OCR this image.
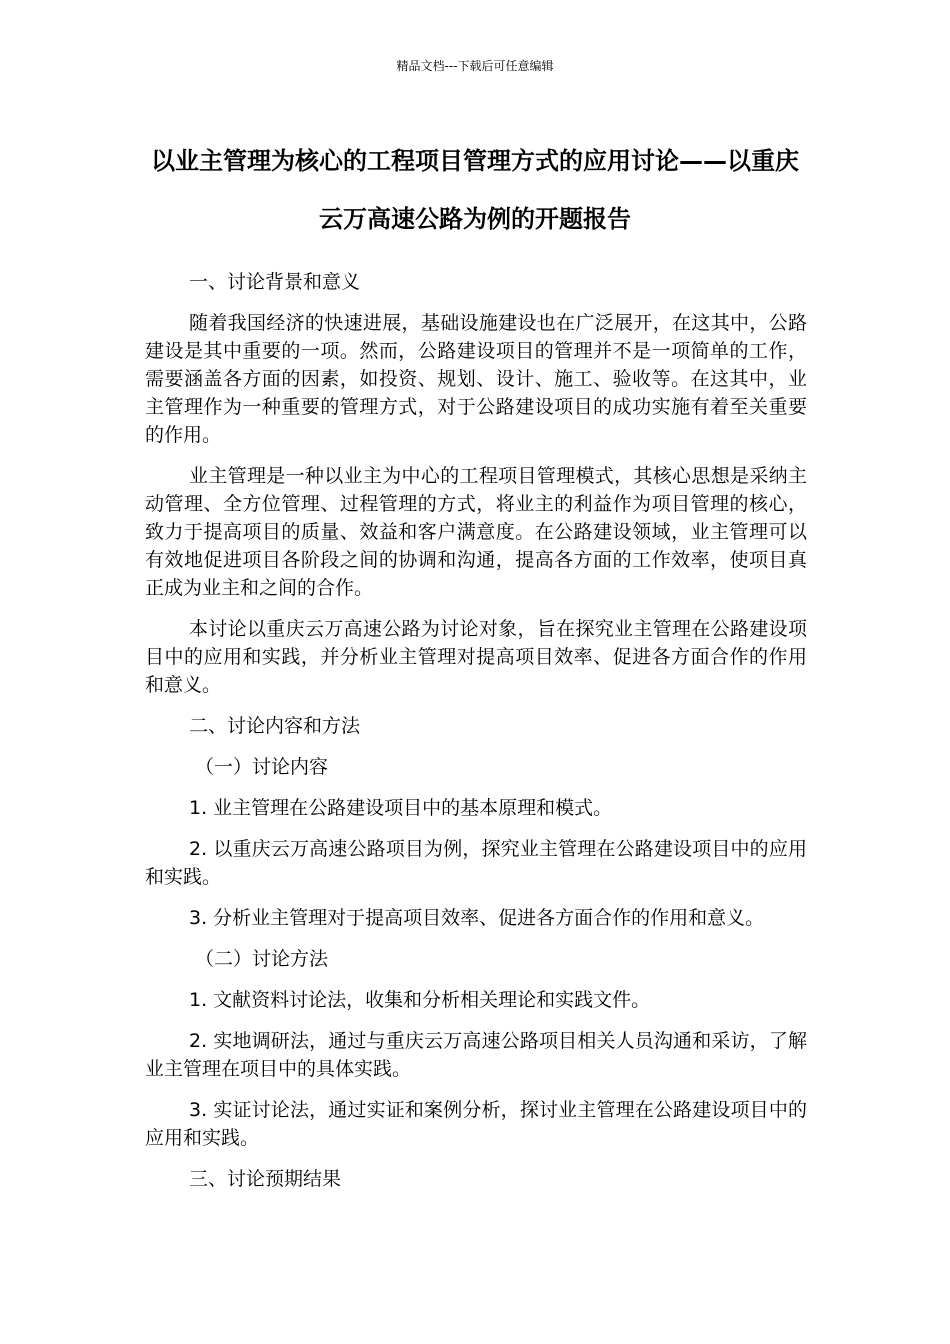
精品文档---下载后可任意编辑
以业主管理为核心的工程项目管理方式的应用讨论——以重庆云万高速公路为例的开题报告

一、讨论背景和意义

随着我国经济的快速进展，基础设施建设也在广泛展开，在这其中，公路建设是其中重要的一项。然而，公路建设项目的管理并不是一项简单的工作，需要涵盖各方面的因素，如投资、规划、设计、施工、验收等。在这其中，业主管理作为一种重要的管理方式，对于公路建设项目的成功实施有着至关重要的作用。

业主管理是一种以业主为中心的工程项目管理模式，其核心思想是采纳主动管理、全方位管理、过程管理的方式，将业主的利益作为项目管理的核心，致力于提高项目的质量、效益和客户满意度。在公路建设领域，业主管理可以有效地促进项目各阶段之间的协调和沟通，提高各方面的工作效率，使项目真正成为业主和之间的合作。

本讨论以重庆云万高速公路为讨论对象，旨在探究业主管理在公路建设项目中的应用和实践，并分析业主管理对提高项目效率、促进各方面合作的作用和意义。

二、讨论内容和方法

（一）讨论内容

1. 业主管理在公路建设项目中的基本原理和模式。

2. 以重庆云万高速公路项目为例，探究业主管理在公路建设项目中的应用和实践。

3. 分析业主管理对于提高项目效率、促进各方面合作的作用和意义。

（二）讨论方法

1. 文献资料讨论法，收集和分析相关理论和实践文件。

2. 实地调研法，通过与重庆云万高速公路项目相关人员沟通和采访，了解业主管理在项目中的具体实践。

3. 实证讨论法，通过实证和案例分析，探讨业主管理在公路建设项目中的应用和实践。

三、讨论预期结果
